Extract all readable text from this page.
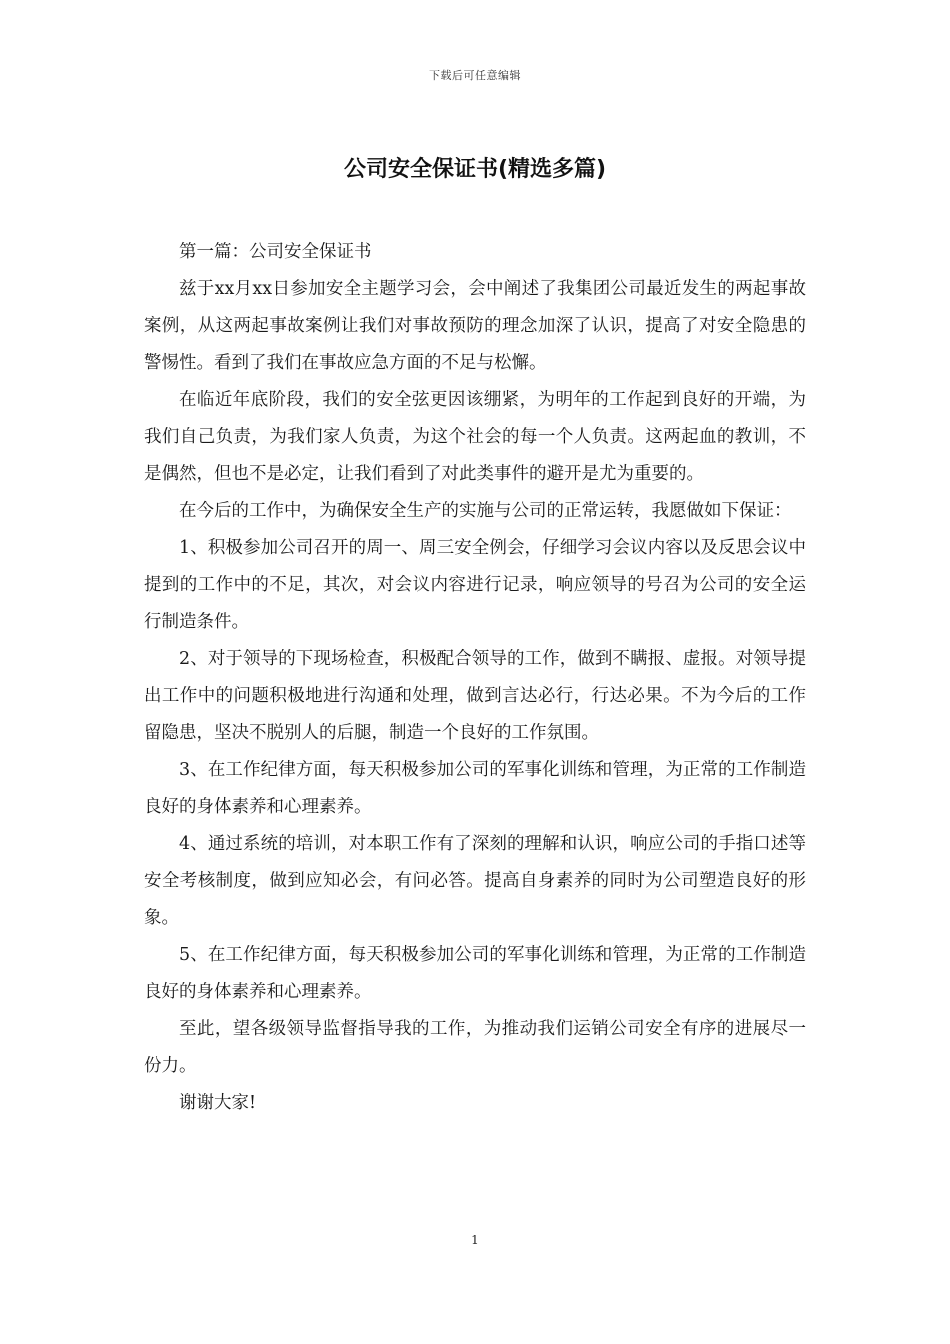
下载后可任意编辑
公司安全保证书(精选多篇)

第一篇：公司安全保证书

兹于xx月xx日参加安全主题学习会，会中阐述了我集团公司最近发生的两起事故案例，从这两起事故案例让我们对事故预防的理念加深了认识，提高了对安全隐患的警惕性。看到了我们在事故应急方面的不足与松懈。

在临近年底阶段，我们的安全弦更因该绷紧，为明年的工作起到良好的开端，为我们自己负责，为我们家人负责，为这个社会的每一个人负责。这两起血的教训，不是偶然，但也不是必定，让我们看到了对此类事件的避开是尤为重要的。

在今后的工作中，为确保安全生产的实施与公司的正常运转，我愿做如下保证：

1、积极参加公司召开的周一、周三安全例会，仔细学习会议内容以及反思会议中提到的工作中的不足，其次，对会议内容进行记录，响应领导的号召为公司的安全运行制造条件。

2、对于领导的下现场检查，积极配合领导的工作，做到不瞒报、虚报。对领导提出工作中的问题积极地进行沟通和处理，做到言达必行，行达必果。不为今后的工作留隐患，坚决不脱别人的后腿，制造一个良好的工作氛围。

3、在工作纪律方面，每天积极参加公司的军事化训练和管理，为正常的工作制造良好的身体素养和心理素养。

4、通过系统的培训，对本职工作有了深刻的理解和认识，响应公司的手指口述等安全考核制度，做到应知必会，有问必答。提高自身素养的同时为公司塑造良好的形象。

5、在工作纪律方面，每天积极参加公司的军事化训练和管理，为正常的工作制造良好的身体素养和心理素养。

至此，望各级领导监督指导我的工作，为推动我们运销公司安全有序的进展尽一份力。

谢谢大家!

1
